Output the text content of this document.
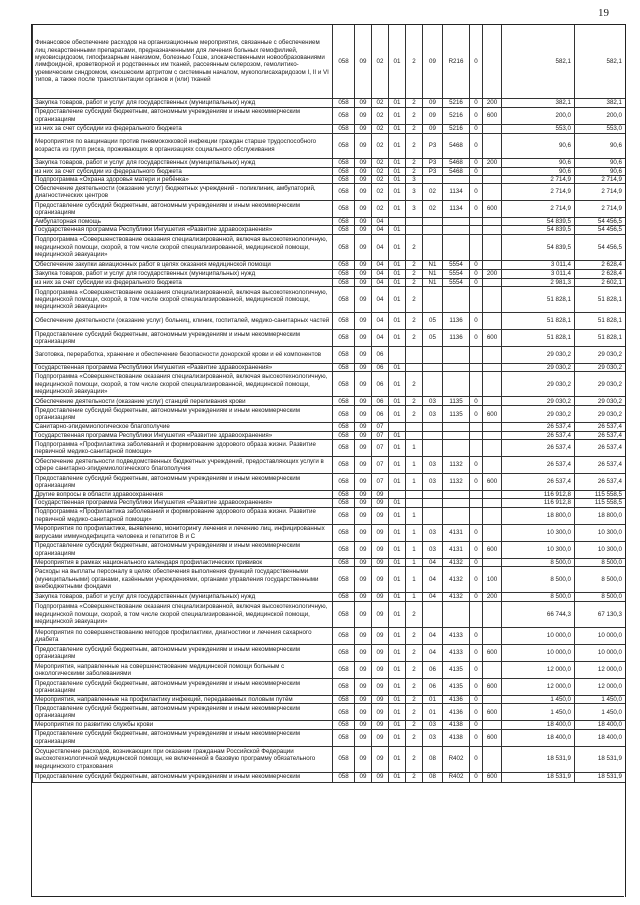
19
Финансовое обеспечение расходов на организационные мероприятия, связанные с обеспечением лиц лекарственными препаратами, предназначенными для лечения больных гемофилией, муковисцидозом, гипофизарным нанизмом, болезнью Гоше, злокачественными новообразованиями лимфоидной, кроветворной и родственных им тканей, рассеянным склерозом, гемолитико-уремическим синдромом, юношеским артритом с системным началом, мукополисахаридозом I, II и VI типов, а также после трансплантации органов и (или) тканей	058	09	02	01	2	09	R216	0		582,1	582,1
Закупка товаров, работ и услуг для государственных (муниципальных) нужд	058	09	02	01	2	09	5216	0	200	382,1	382,1
Предоставление субсидий бюджетным, автономным учреждениям и иным некоммерческим организациям	058	09	02	01	2	09	5216	0	600	200,0	200,0
из них за счет субсидии из федерального бюджета	058	09	02	01	2	09	5216	0		553,0	553,0
Мероприятия по вакцинации против пневмококковой инфекции граждан старше трудоспособного возраста из групп риска, проживающих в организациях социального обслуживания	058	09	02	01	2	P3	5468	0		90,6	90,6
Закупка товаров, работ и услуг для государственных (муниципальных) нужд	058	09	02	01	2	P3	5468	0	200	90,6	90,6
из них за счет субсидии из федерального бюджета	058	09	02	01	2	P3	5468	0		90,6	90,6
Подпрограмма «Охрана здоровья матери и ребёнка»	058	09	02	01	3					2 714,9	2 714,9
Обеспечение деятельности (оказание услуг) бюджетных учреждений - поликлиник, амбулаторий, диагностических центров	058	09	02	01	3	02	1134	0		2 714,9	2 714,9
Предоставление субсидий бюджетным, автономным учреждениям и иным некоммерческим организациям	058	09	02	01	3	02	1134	0	600	2 714,9	2 714,9
Амбулаторная помощь	058	09	04							54 839,5	54 456,5
Государственная программа Республики Ингушетия «Развитие здравоохранения»	058	09	04	01						54 839,5	54 456,5
Подпрограмма «Совершенствование оказания специализированной, включая высокотехнологичную, медицинской помощи, скорой, в том числе скорой специализированной, медицинской помощи, медицинской эвакуации»	058	09	04	01	2					54 839,5	54 456,5
Обеспечение закупки авиационных работ в целях оказания медицинской помощи	058	09	04	01	2	N1	5554	0		3 011,4	2 628,4
Закупка товаров, работ и услуг для государственных (муниципальных) нужд	058	09	04	01	2	N1	5554	0	200	3 011,4	2 628,4
из них за счет субсидии из федерального бюджета	058	09	04	01	2	N1	5554	0		2 981,3	2 602,1
Подпрограмма «Совершенствование оказания специализированной, включая высокотехнологичную, медицинской помощи, скорой, в том числе скорой специализированной, медицинской помощи, медицинской эвакуации»	058	09	04	01	2					51 828,1	51 828,1
Обеспечение деятельности (оказание услуг) больниц, клиник, госпиталей, медико-санитарных частей	058	09	04	01	2	05	1136	0		51 828,1	51 828,1
Предоставление субсидий бюджетным, автономным учреждениям и иным некоммерческим организациям	058	09	04	01	2	05	1136	0	600	51 828,1	51 828,1
Заготовка, переработка, хранение и обеспечение безопасности донорской крови и её компонентов	058	09	06							29 030,2	29 030,2
Государственная программа Республики Ингушетия «Развитие здравоохранения»	058	09	06	01						29 030,2	29 030,2
Подпрограмма «Совершенствование оказания специализированной, включая высокотехнологичную, медицинской помощи, скорой, в том числе скорой специализированной, медицинской помощи, медицинской эвакуации»	058	09	06	01	2					29 030,2	29 030,2
Обеспечение деятельности (оказание услуг) станций переливания крови	058	09	06	01	2	03	1135	0		29 030,2	29 030,2
Предоставление субсидий бюджетным, автономным учреждениям и иным некоммерческим организациям	058	09	06	01	2	03	1135	0	600	29 030,2	29 030,2
Санитарно-эпидемиологическое благополучие	058	09	07							26 537,4	26 537,4
Государственная программа Республики Ингушетия «Развитие здравоохранения»	058	09	07	01						26 537,4	26 537,4
Подпрограмма «Профилактика заболеваний и формирование здорового образа жизни. Развитие первичной медико-санитарной помощи»	058	09	07	01	1					26 537,4	26 537,4
Обеспечение деятельности подведомственных бюджетных учреждений, предоставляющих услуги в сфере санитарно-эпидемиологического благополучия	058	09	07	01	1	03	1132	0		26 537,4	26 537,4
Предоставление субсидий бюджетным, автономным учреждениям и иным некоммерческим организациям	058	09	07	01	1	03	1132	0	600	26 537,4	26 537,4
Другие вопросы в области здравоохранения	058	09	09							116 912,8	115 558,5
Государственная программа Республики Ингушетия «Развитие здравоохранения»	058	09	09	01						116 912,8	115 558,5
Подпрограмма «Профилактика заболеваний и формирование здорового образа жизни. Развитие первичной медико-санитарной помощи»	058	09	09	01	1					18 800,0	18 800,0
Мероприятия по профилактике, выявлению, мониторингу лечения и лечению лиц, инфицированных вирусами иммунодефицита человека и гепатитов B и C	058	09	09	01	1	03	4131	0		10 300,0	10 300,0
Предоставление субсидий бюджетным, автономным учреждениям и иным некоммерческим организациям	058	09	09	01	1	03	4131	0	600	10 300,0	10 300,0
Мероприятия в рамках национального календаря профилактических прививок	058	09	09	01	1	04	4132	0		8 500,0	8 500,0
Расходы на выплаты персоналу в целях обеспечения выполнения функций государственными (муниципальными) органами, казёнными учреждениями, органами управления государственными внебюджетными фондами	058	09	09	01	1	04	4132	0	100	8 500,0	8 500,0
Закупка товаров, работ и услуг для государственных (муниципальных) нужд	058	09	09	01	1	04	4132	0	200	8 500,0	8 500,0
Подпрограмма «Совершенствование оказания специализированной, включая высокотехнологичную, медицинской помощи, скорой, в том числе скорой специализированной, медицинской помощи, медицинской эвакуации»	058	09	09	01	2					66 744,3	67 130,3
Мероприятия по совершенствованию методов профилактики, диагностики и лечения сахарного диабета	058	09	09	01	2	04	4133	0		10 000,0	10 000,0
Предоставление субсидий бюджетным, автономным учреждениям и иным некоммерческим организациям	058	09	09	01	2	04	4133	0	600	10 000,0	10 000,0
Мероприятия, направленные на совершенствование медицинской помощи больным с онкологическими заболеваниями	058	09	09	01	2	06	4135	0		12 000,0	12 000,0
Предоставление субсидий бюджетным, автономным учреждениям и иным некоммерческим организациям	058	09	09	01	2	06	4135	0	600	12 000,0	12 000,0
Мероприятия, направленные на профилактику инфекций, передаваемых половым путём	058	09	09	01	2	01	4136	0		1 450,0	1 450,0
Предоставление субсидий бюджетным, автономным учреждениям и иным некоммерческим организациям	058	09	09	01	2	01	4136	0	600	1 450,0	1 450,0
Мероприятия по развитию службы крови	058	09	09	01	2	03	4138	0		18 400,0	18 400,0
Предоставление субсидий бюджетным, автономным учреждениям и иным некоммерческим организациям	058	09	09	01	2	03	4138	0	600	18 400,0	18 400,0
Осуществление расходов, возникающих при оказании гражданам Российской Федерации высокотехнологичной медицинской помощи, не включенной в базовую программу обязательного медицинского страхования	058	09	09	01	2	08	R402	0		18 531,9	18 531,9
Предоставление субсидий бюджетным, автономным учреждениям и иным некоммерческим	058	09	09	01	2	08	R402	0	600	18 531,9	18 531,9
